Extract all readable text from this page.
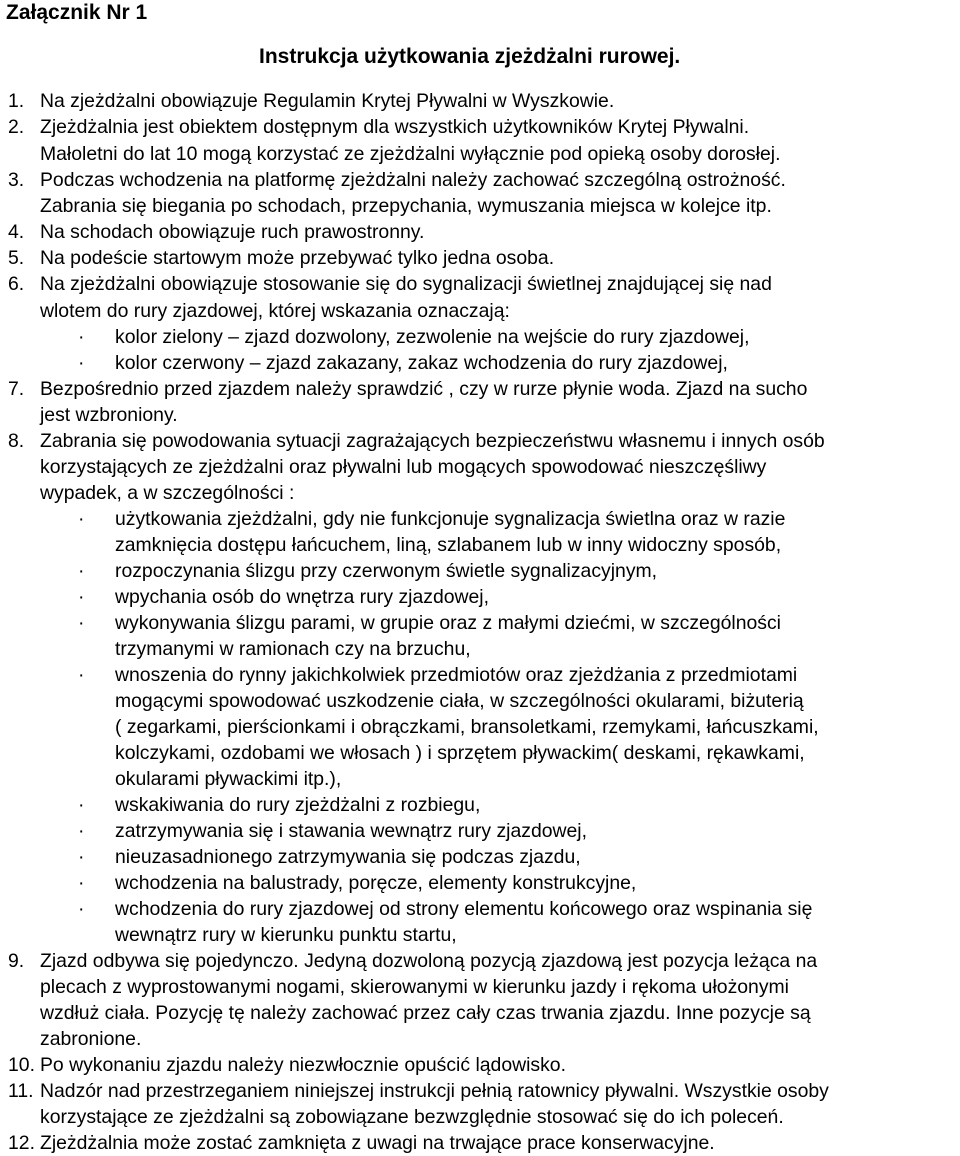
Załącznik Nr 1
Instrukcja użytkowania zjeżdżalni rurowej.
1. Na zjeżdżalni obowiązuje Regulamin Krytej Pływalni w Wyszkowie.
2. Zjeżdżalnia jest obiektem dostępnym dla wszystkich użytkowników Krytej Pływalni.
Małoletni do lat 10 mogą korzystać ze zjeżdżalni wyłącznie pod opieką osoby dorosłej.
3. Podczas wchodzenia na platformę zjeżdżalni należy zachować szczególną ostrożność.
Zabrania się biegania po schodach, przepychania, wymuszania miejsca w kolejce itp.
4. Na schodach obowiązuje ruch prawostronny.
5. Na podeście startowym może przebywać tylko jedna osoba.
6. Na zjeżdżalni obowiązuje stosowanie się do sygnalizacji świetlnej znajdującej się nad
wlotem do rury zjazdowej, której wskazania oznaczają:
· kolor zielony – zjazd dozwolony, zezwolenie na wejście do rury zjazdowej,
· kolor czerwony – zjazd zakazany, zakaz wchodzenia do rury zjazdowej,
7. Bezpośrednio przed zjazdem należy sprawdzić , czy w rurze płynie woda. Zjazd na sucho
jest wzbroniony.
8. Zabrania się powodowania sytuacji zagrażających bezpieczeństwu własnemu i innych osób
korzystających ze zjeżdżalni oraz pływalni lub mogących spowodować nieszczęśliwy
wypadek, a w szczególności :
· użytkowania zjeżdżalni, gdy nie funkcjonuje sygnalizacja świetlna oraz w razie
zamknięcia dostępu łańcuchem, liną, szlabanem lub w inny widoczny sposób,
· rozpoczynania ślizgu przy czerwonym świetle sygnalizacyjnym,
· wpychania osób do wnętrza rury zjazdowej,
· wykonywania ślizgu parami, w grupie oraz z małymi dziećmi, w szczególności
trzymanymi w ramionach czy na brzuchu,
· wnoszenia do rynny jakichkolwiek przedmiotów oraz zjeżdżania z przedmiotami
mogącymi spowodować uszkodzenie ciała, w szczególności okularami, biżuterią
( zegarkami, pierścionkami i obrączkami, bransoletkami, rzemykami, łańcuszkami,
kolczykami, ozdobami we włosach ) i sprzętem pływackim( deskami, rękawkami,
okularami pływackimi itp.),
· wskakiwania do rury zjeżdżalni z rozbiegu,
· zatrzymywania się i stawania wewnątrz rury zjazdowej,
· nieuzasadnionego zatrzymywania się podczas zjazdu,
· wchodzenia na balustrady, poręcze, elementy konstrukcyjne,
· wchodzenia do rury zjazdowej od strony elementu końcowego oraz wspinania się
wewnątrz rury w kierunku punktu startu,
9. Zjazd odbywa się pojedynczo. Jedyną dozwoloną pozycją zjazdową jest pozycja leżąca na
plecach z wyprostowanymi nogami, skierowanymi w kierunku jazdy i rękoma ułożonymi
wzdłuż ciała. Pozycję tę należy zachować przez cały czas trwania zjazdu. Inne pozycje są
zabronione.
10. Po wykonaniu zjazdu należy niezwłocznie opuścić lądowisko.
11. Nadzór nad przestrzeganiem niniejszej instrukcji pełnią ratownicy pływalni. Wszystkie osoby
korzystające ze zjeżdżalni są zobowiązane bezwzględnie stosować się do ich poleceń.
12. Zjeżdżalnia może zostać zamknięta z uwagi na trwające prace konserwacyjne.
